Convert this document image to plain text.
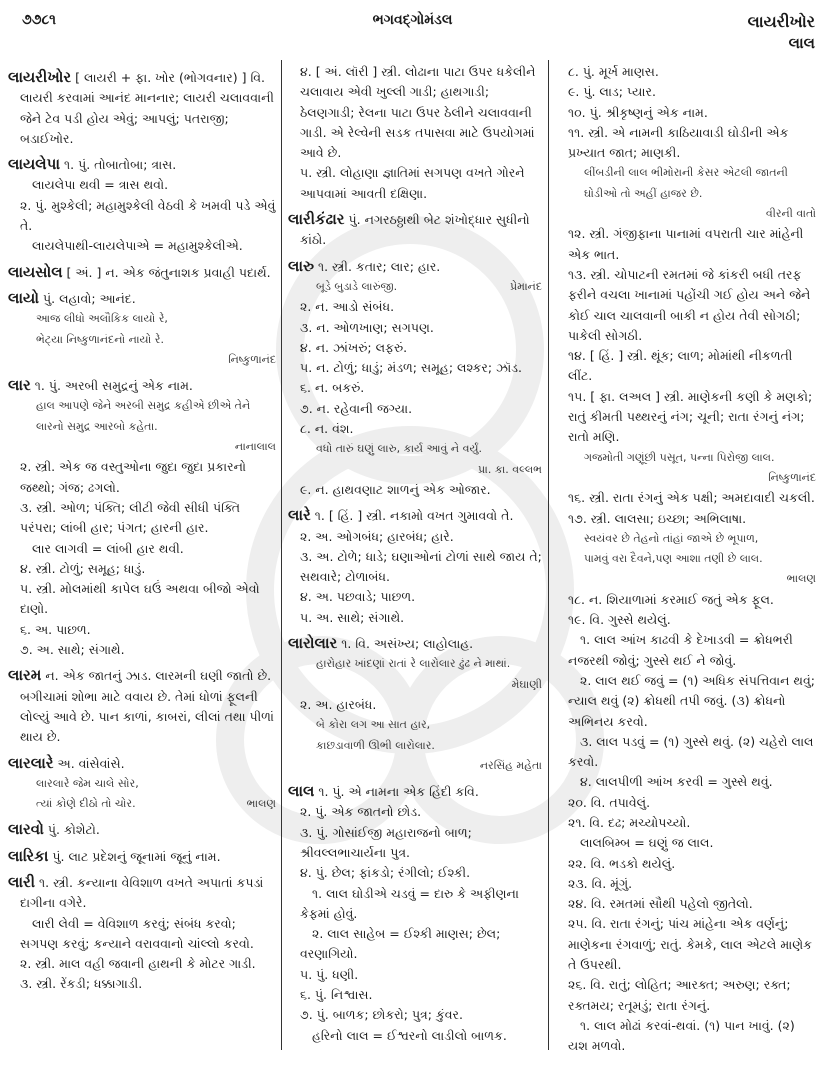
૭૭૮૧	ભગવદ્ગોમંડલ	લાયરીખોર
લાલ
લાયરીખોર [ લાયરી + ફા. ખોર (ભોગવનાર) ] વિ. લાયરી કરવામાં આનંદ માનનાર; લાયરી ચલાવવાની જેને ટેવ પડી હોય એવું; આપલું; પતરાજી; બડાઈખોર.
લાયલેપા ૧. પું. તોબાતોબા; ત્રાસ.
લાયલેપા થવી = ત્રાસ થવો.
૨. પું. મુશ્કેલી; મહામુશ્કેલી વેઠવી કે ખમવી પડે એવું તે.
લાયલેપાથી-લાયલેપાએ = મહામુશ્કેલીએ.
લાયસોલ [ અં. ] ન. એક જંતુનાશક પ્રવાહી પદાર્થ.
લાયો પું. લહાવો; આનંદ.
આજ લીધો અલૌકિક લાયો રે,
ભેટ્યા નિષ્કુળાનંદનો નાયો રે.
નિષ્કુળાનંદ
લાર ૧. પું. અરબી સમુદ્રનું એક નામ.
હાલ આપણે જેને અરબી સમુદ્ર કહીએ છીએ તેને લારનો સમુદ્ર આરબો કહેતા.
નાનાલાલ
૨. સ્ત્રી. એક જ વસ્તુઓના જુદા જુદા પ્રકારનો જથ્થો; ગંજ; ઢગલો.
૩. સ્ત્રી. ઓળ; પંક્તિ; લીટી જેવી સીધી પંક્તિ પરંપરા; લાંબી હાર; પંગત; હારની હાર.
લાર લાગવી = લાંબી હાર થવી.
૪. સ્ત્રી. ટોળું; સમૂહ; ધાડું.
૫. સ્ત્રી. મોલમાંથી કાપેલ ઘઉં અથવા બીજો એવો દાણો.
૬. અ. પાછળ.
૭. અ. સાથે; સંગાથે.
લારમ ન. એક જાતનું ઝાડ. લારમની ઘણી જાતો છે. બગીચામાં શોભા માટે વવાય છે. તેમાં ધોળાં ફૂલની લોલ્યું આવે છે. પાન કાળાં, કાબરાં, લીલાં તથા પીળાં થાય છે.
લારલારે અ. વાંસેવાંસે.
લારલારે જેમ ચાલે સોર,
ત્યાં કોણે દીઠો તો ચોર.	ભાલણ
લારવો પું. કોશેટો.
લારિકા પું. લાટ પ્રદેશનું જૂનામાં જૂનું નામ.
લારી ૧. સ્ત્રી. કન્યાના વેવિશાળ વખતે અપાતાં કપડાં દાગીના વગેરે.
લારી લેવી = વેવિશાળ કરવું; સંબંધ કરવો; સગપણ કરવું; કન્યાને વરાવવાનો ચાંલ્લો કરવો.
૨. સ્ત્રી. માલ વહી જવાની હાથની કે મોટર ગાડી.
૩. સ્ત્રી. રેંકડી; ધક્કાગાડી.
૪. [ અં. લૉરી ] સ્ત્રી. લોઢાના પાટા ઉપર ધકેલીને ચલાવાય એવી ખુલ્લી ગાડી; હાથગાડી; ઠેલણગાડી; રેલના પાટા ઉપર ઠેલીને ચલાવવાની ગાડી. એ રેલ્વેની સડક તપાસવા માટે ઉપયોગમાં આવે છે.
૫. સ્ત્રી. લોહાણા જ્ઞાતિમાં સગપણ વખતે ગોરને આપવામાં આવતી દક્ષિણા.
લારીકંઢાર પું. નગરઠઠ્ઠાથી બેટ શંખોદ્ધાર સુધીનો કાંઠો.
લારુ ૧. સ્ત્રી. કતાર; લાર; હાર.
બૂડે બુડાડે લારુંજી.	પ્રેમાનંદ
૨. ન. આડો સંબંધ.
૩. ન. ઓળખાણ; સગપણ.
૪. ન. ઝાંખરું; લફરું.
૫. ન. ટોળું; ધાડું; મંડળ; સમૂહ; લશ્કર; ઝૉડ.
૬. ન. બકરું.
૭. ન. રહેવાની જગ્યા.
૮. ન. વંશ.
વધો તારું ઘણું લારુ, કાર્ય આવું ને વર્યું.
પ્રા. કા. વલ્લભ
૯. ન. હાથવણાટ શાળનું એક ઓજાર.
લારે ૧. [ હિં. ] સ્ત્રી. નકામો વખત ગુમાવવો તે.
૨. અ. ઓગબંધ; હારબંધ; હારે.
૩. અ. ટોળે; ધાડે; ઘણાઓનાં ટોળાં સાથે જાય તે; સથવારે; ટોળાબંધ.
૪. અ. પછવાડે; પાછળ.
૫. અ. સાથે; સંગાથે.
લારોલાર ૧. વિ. અસંખ્ય; લાહોલાહ.
હારોહાર ખાંદણાં રાતાં રે લારોલાર ઢુંઢ ને માથાં.
મેઘાણી
૨. અ. હારબંધ.
બે કોરા લગ આ સાત હાર,
કાછડાવાળી ઊભી લારોલાર.
નરસિંહ મહેતા
લાલ ૧. પું. એ નામના એક હિંદી કવિ.
૨. પું. એક જાતનો છોડ.
૩. પું. ગોસાંઈજી મહારાજનો બાળ; શ્રીવલ્લભાચાર્યના પુત્ર.
૪. પું. છેલ; ફાંકડો; રંગીલો; ઈશ્કી.
૧. લાલ ઘોડીએ ચડવું = દારુ કે અફીણના કેફમાં હોવું.
૨. લાલ સાહેબ = ઈશ્કી માણસ; છેલ; વરણાગિયો.
૫. પું. ધણી.
૬. પું. નિશ્વાસ.
૭. પું. બાળક; છોકરો; પુત્ર; કુંવર.
હરિનો લાલ = ઈશ્વરનો લાડીલો બાળક.
૮. પું. મૂર્ખ માણસ.
૯. પું. લાડ; પ્યાર.
૧૦. પું. શ્રીકૃષ્ણનું એક નામ.
૧૧. સ્ત્રી. એ નામની કાઠિયાવાડી ઘોડીની એક પ્રખ્યાત જાત; માણકી.
લીંબડીની લાલ ભીમોરાની કેસર એટલી જાતની ઘોડીઓ તો અહીં હાજર છે.
વીરની વાતો
૧૨. સ્ત્રી. ગંજીફાના પાનામાં વપરાતી ચાર માંહેની એક ભાત.
૧૩. સ્ત્રી. ચોપાટની રમતમાં જે કાંકરી બધી તરફ ફરીને વચલા ખાનામાં પહોંચી ગઈ હોય અને જેને કોઈ ચાલ ચાલવાની બાકી ન હોય તેવી સોગઠી; પાકેલી સોગઠી.
૧૪. [ હિં. ] સ્ત્રી. થૂંક; લાળ; મોમાંથી નીકળતી લીંટ.
૧૫. [ ફા. લઅલ ] સ્ત્રી. માણેકની કણી કે મણકો; રાતું કીમતી પથ્થરનું નંગ; ચૂની; રાતા રંગનું નંગ; રાતો મણિ.
ગજમોતી ગણૂંછી પસૂત, પન્ના પિરોજી લાલ.
નિષ્કુળાનંદ
૧૬. સ્ત્રી. રાતા રંગનું એક પક્ષી; અમદાવાદી ચકલી.
૧૭. સ્ત્રી. લાલસા; ઇચ્છા; અભિલાષા.
સ્વયંવર છે તેહનો તાંહાં જાએ છે ભૂપાળ,
પામવું વરા દૈવને,પણ આશા તણી છે લાલ.
ભાલણ
૧૮. ન. શિયાળામાં કરમાઈ જતું એક ફૂલ.
૧૯. વિ. ગુસ્સે થયેલું.
૧. લાલ આંખ કાઢવી કે દેખાડવી = ક્રોધભરી નજરથી જોવું; ગુસ્સે થઈ ને જોવું.
૨. લાલ થઈ જવું = (૧) અધિક સંપત્તિવાન થવું; ન્યાલ થવું (૨) ક્રોધથી તપી જવું. (૩) ક્રોધનો અભિનય કરવો.
૩. લાલ પડવું = (૧) ગુસ્સે થવું. (૨) ચહેરો લાલ કરવો.
૪. લાલપીળી આંખ કરવી = ગુસ્સે થવું.
૨૦. વિ. તપાવેલું.
૨૧. વિ. દઢ; મચ્યોપચ્યો.
લાલબિમ્બ = ઘણું જ લાલ.
૨૨. વિ. ભડકો થયેલું.
૨૩. વિ. મૂંગું.
૨૪. વિ. રમતમાં સૌથી પહેલો જીતેલો.
૨૫. વિ. રાતા રંગનું; પાંચ માંહેના એક વર્ણનું; માણેકના રંગવાળું; રાતું. કેમકે, લાલ એટલે માણેક તે ઉપરથી.
૨૬. વિ. રાતું; લોહિત; આરક્ત; અરુણ; રક્ત; રક્તમય; રતૂમડું; રાતા રંગનું.
૧. લાલ મોઢાં કરવાં-થવાં. (૧) પાન ખાવું. (૨) યશ મળવો.
